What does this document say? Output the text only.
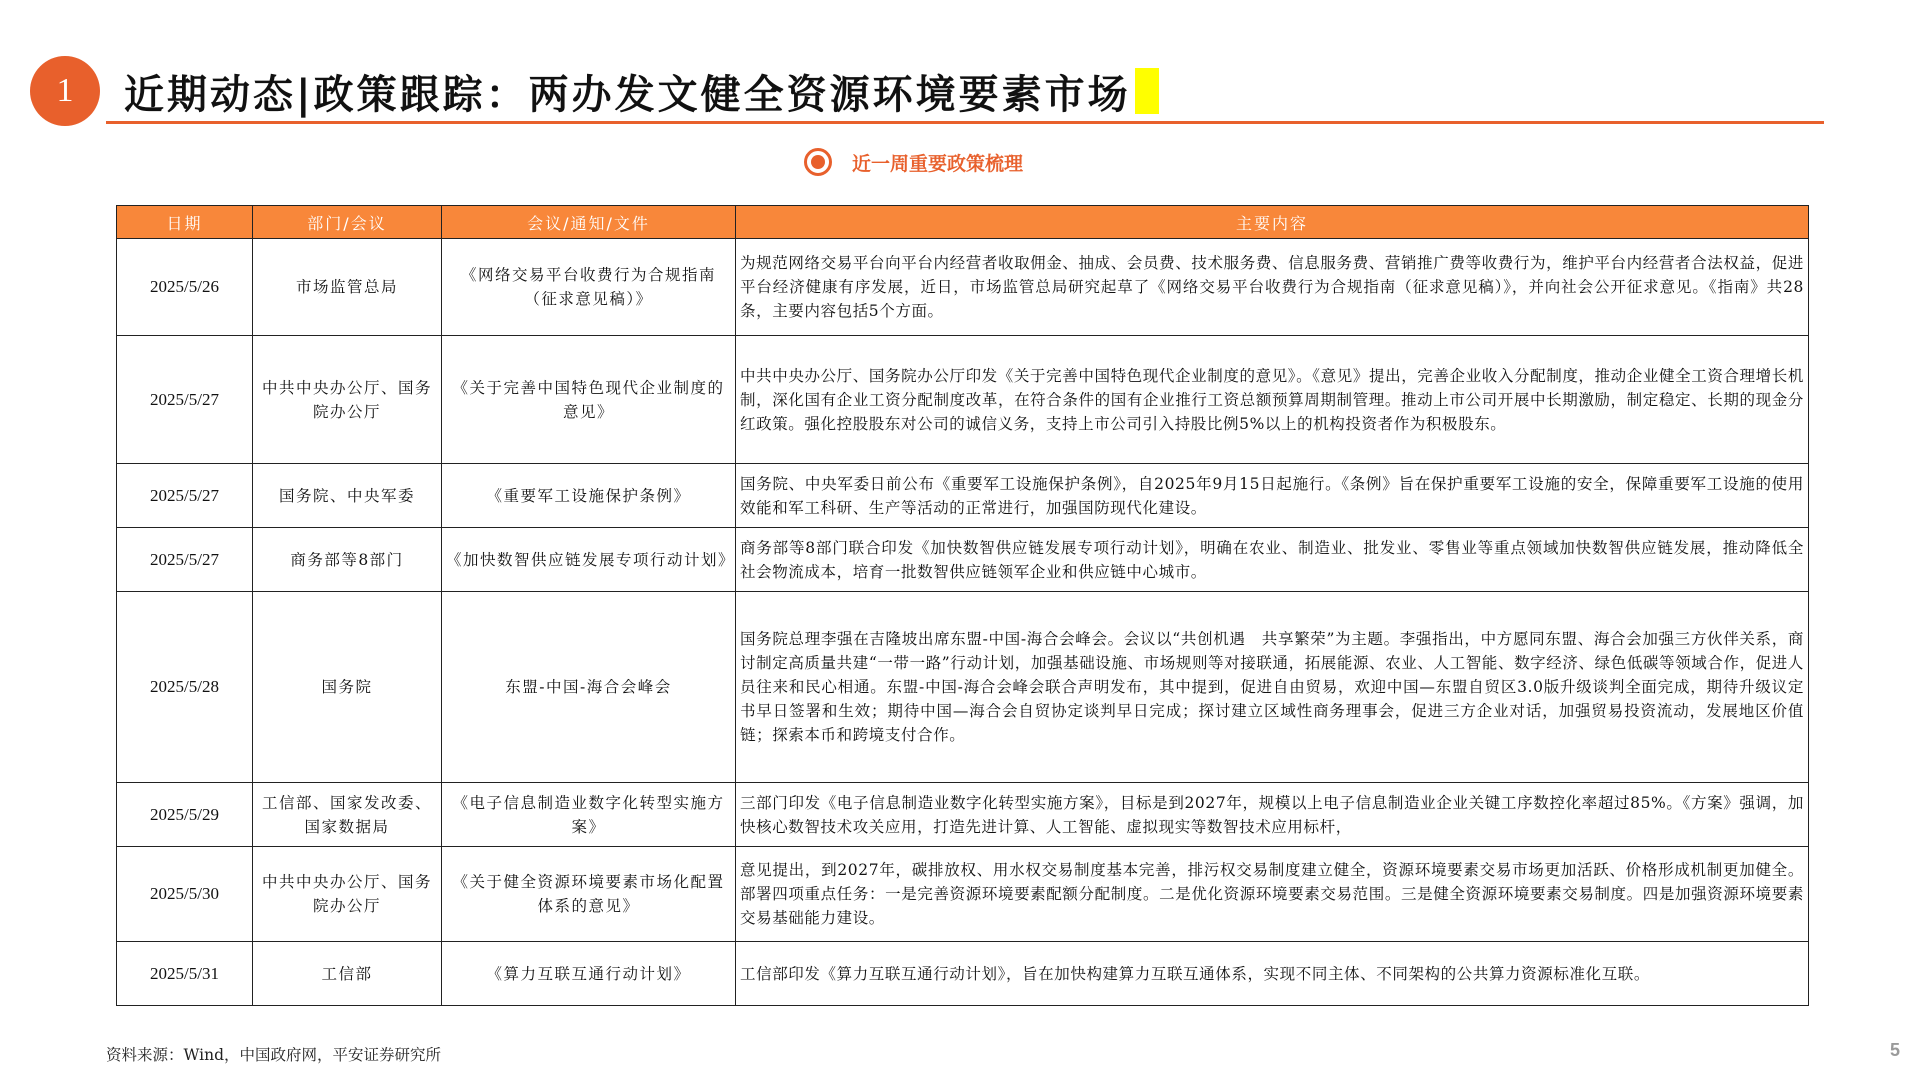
1	近期动态|政策跟踪：两办发文健全资源环境要素市场
近一周重要政策梳理
日期	部门/会议	会议/通知/文件	主要内容
2025/5/26	市场监管总局	《网络交易平台收费行为合规指南（征求意见稿）》	为规范网络交易平台向平台内经营者收取佣金、抽成、会员费、技术服务费、信息服务费、营销推广费等收费行为，维护平台内经营者合法权益，促进平台经济健康有序发展，近日，市场监管总局研究起草了《网络交易平台收费行为合规指南（征求意见稿）》，并向社会公开征求意见。《指南》共28条，主要内容包括5个方面。
2025/5/27	中共中央办公厅、国务院办公厅	《关于完善中国特色现代企业制度的意见》	中共中央办公厅、国务院办公厅印发《关于完善中国特色现代企业制度的意见》。《意见》提出，完善企业收入分配制度，推动企业健全工资合理增长机制，深化国有企业工资分配制度改革，在符合条件的国有企业推行工资总额预算周期制管理。推动上市公司开展中长期激励，制定稳定、长期的现金分红政策。强化控股股东对公司的诚信义务，支持上市公司引入持股比例5%以上的机构投资者作为积极股东。
2025/5/27	国务院、中央军委	《重要军工设施保护条例》	国务院、中央军委日前公布《重要军工设施保护条例》，自2025年9月15日起施行。《条例》旨在保护重要军工设施的安全，保障重要军工设施的使用效能和军工科研、生产等活动的正常进行，加强国防现代化建设。
2025/5/27	商务部等8部门	《加快数智供应链发展专项行动计划》	商务部等8部门联合印发《加快数智供应链发展专项行动计划》，明确在农业、制造业、批发业、零售业等重点领域加快数智供应链发展，推动降低全社会物流成本，培育一批数智供应链领军企业和供应链中心城市。
2025/5/28	国务院	东盟-中国-海合会峰会	国务院总理李强在吉隆坡出席东盟-中国-海合会峰会。会议以“共创机遇　共享繁荣”为主题。李强指出，中方愿同东盟、海合会加强三方伙伴关系，商讨制定高质量共建“一带一路”行动计划，加强基础设施、市场规则等对接联通，拓展能源、农业、人工智能、数字经济、绿色低碳等领域合作，促进人员往来和民心相通。东盟-中国-海合会峰会联合声明发布，其中提到，促进自由贸易，欢迎中国—东盟自贸区3.0版升级谈判全面完成，期待升级议定书早日签署和生效；期待中国—海合会自贸协定谈判早日完成；探讨建立区域性商务理事会，促进三方企业对话，加强贸易投资流动，发展地区价值链；探索本币和跨境支付合作。
2025/5/29	工信部、国家发改委、国家数据局	《电子信息制造业数字化转型实施方案》	三部门印发《电子信息制造业数字化转型实施方案》，目标是到2027年，规模以上电子信息制造业企业关键工序数控化率超过85%。《方案》强调，加快核心数智技术攻关应用，打造先进计算、人工智能、虚拟现实等数智技术应用标杆，
2025/5/30	中共中央办公厅、国务院办公厅	《关于健全资源环境要素市场化配置体系的意见》	意见提出，到2027年，碳排放权、用水权交易制度基本完善，排污权交易制度建立健全，资源环境要素交易市场更加活跃、价格形成机制更加健全。部署四项重点任务：一是完善资源环境要素配额分配制度。二是优化资源环境要素交易范围。三是健全资源环境要素交易制度。四是加强资源环境要素交易基础能力建设。
2025/5/31	工信部	《算力互联互通行动计划》	工信部印发《算力互联互通行动计划》，旨在加快构建算力互联互通体系，实现不同主体、不同架构的公共算力资源标准化互联。
资料来源：Wind，中国政府网，平安证券研究所	5
